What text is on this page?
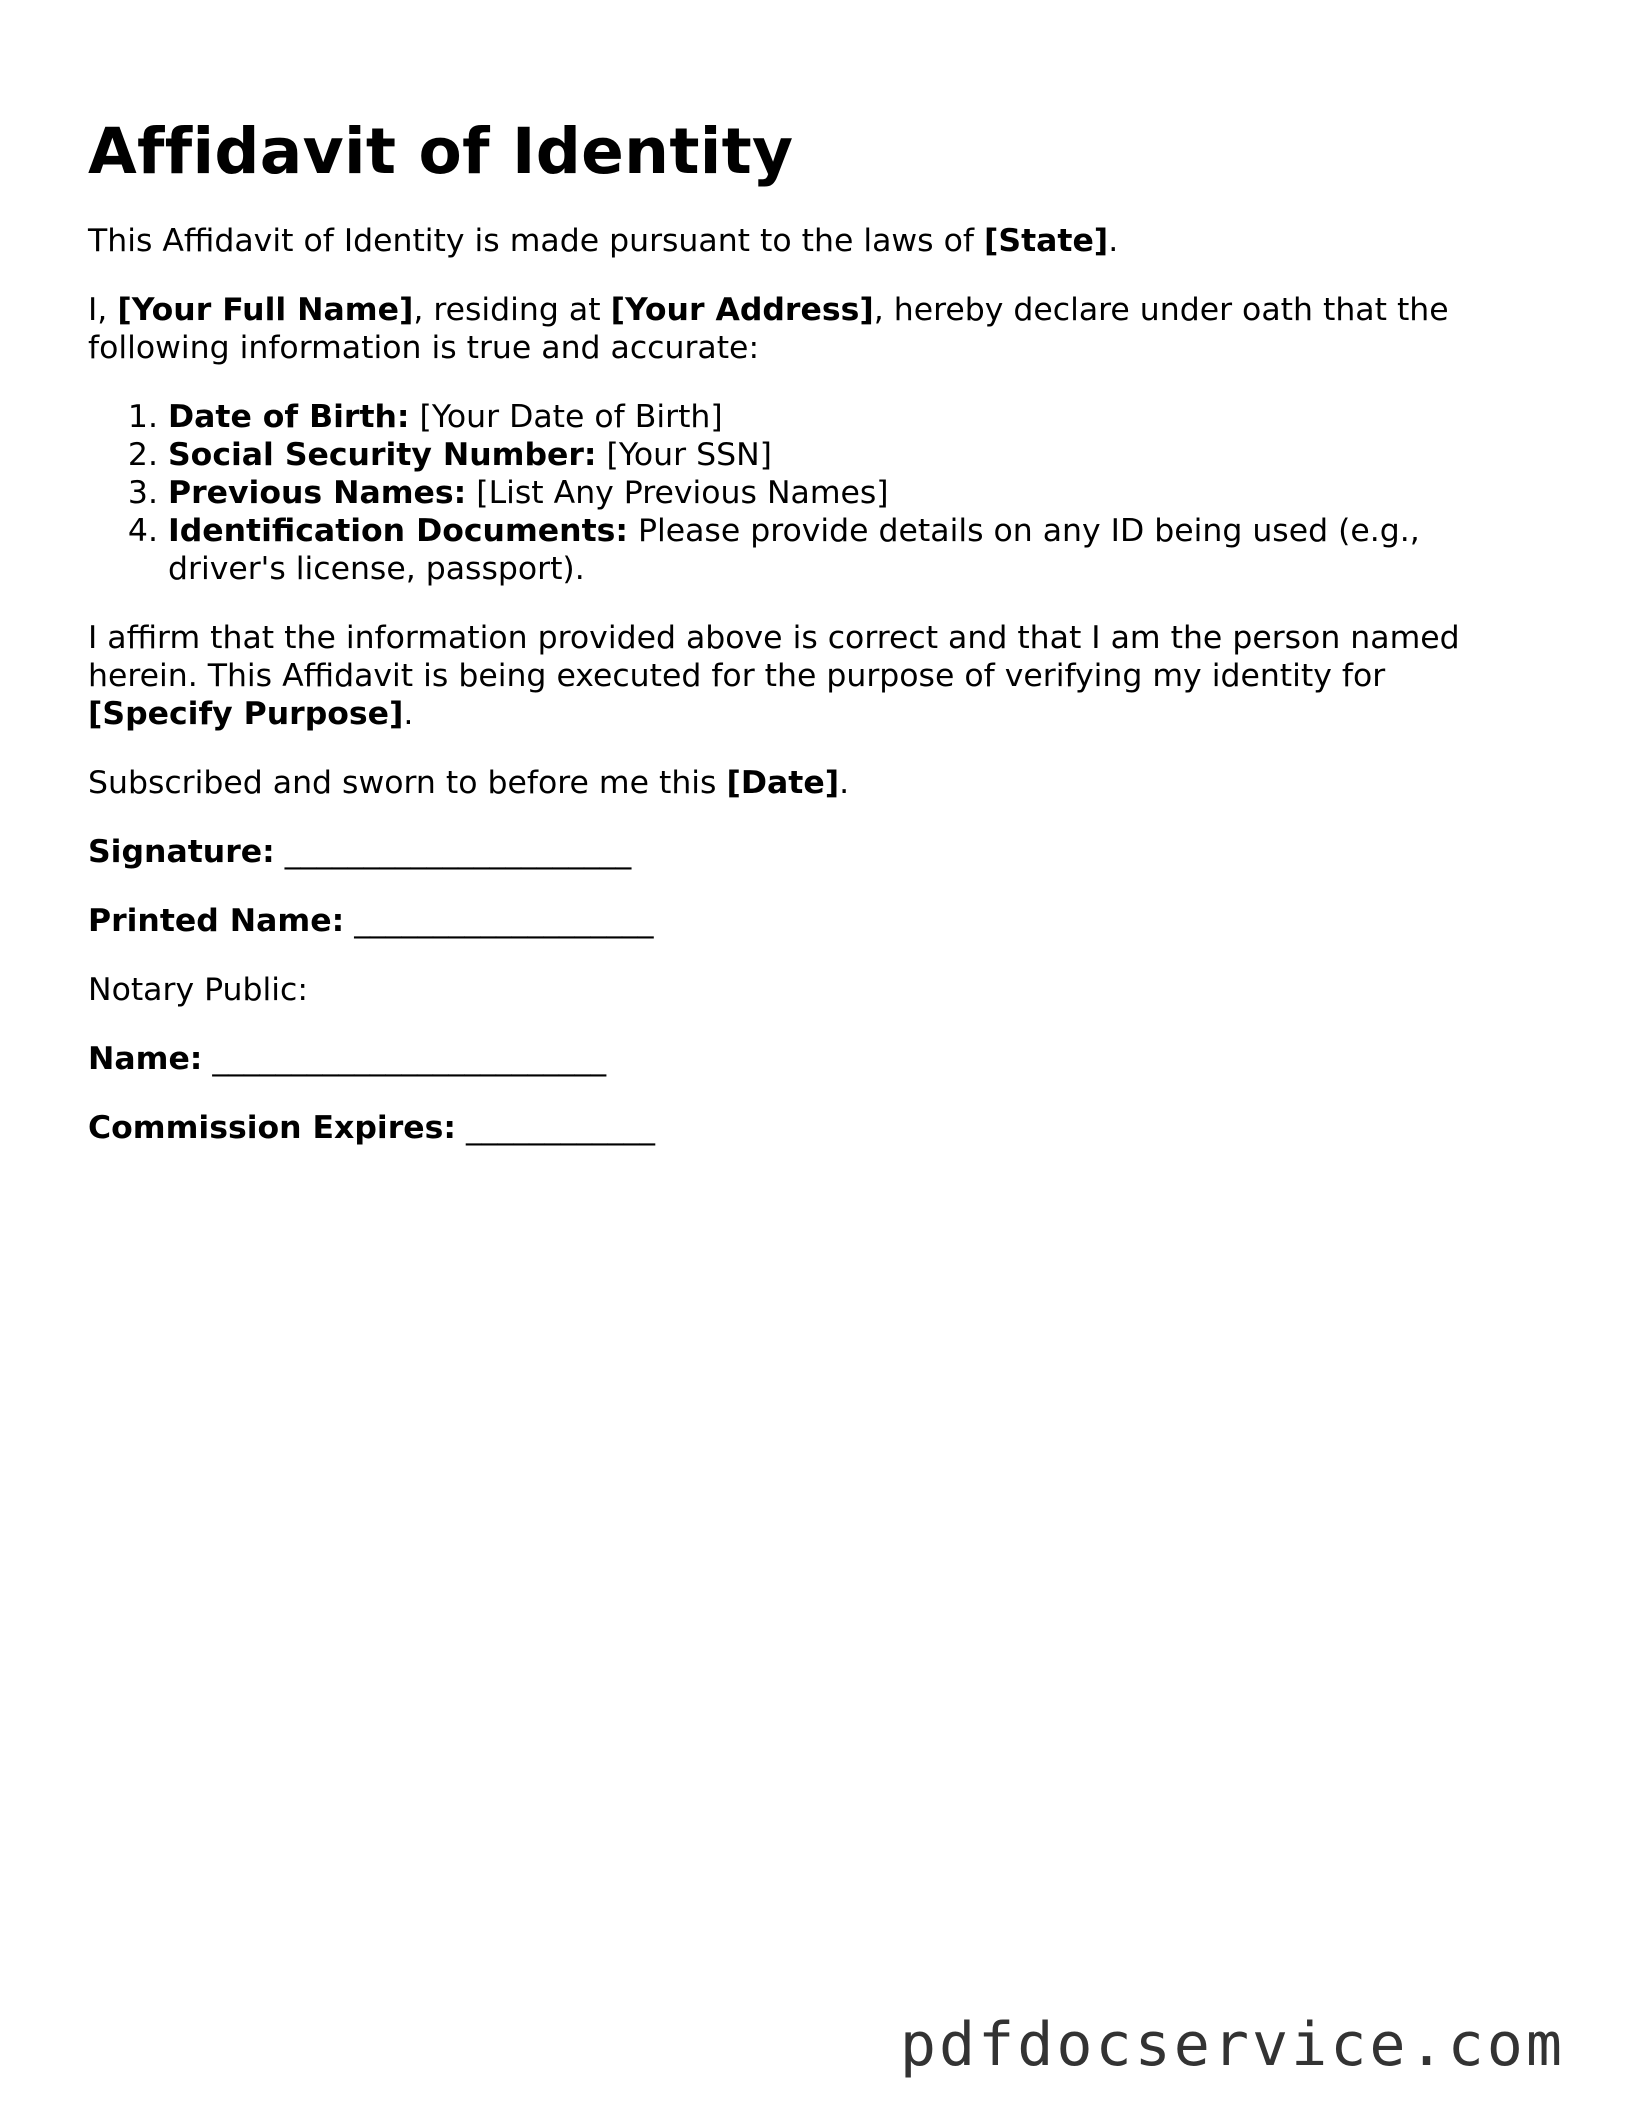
Affidavit of Identity

This Affidavit of Identity is made pursuant to the laws of [State].

I, [Your Full Name], residing at [Your Address], hereby declare under oath that the following information is true and accurate:

1. Date of Birth: [Your Date of Birth]
2. Social Security Number: [Your SSN]
3. Previous Names: [List Any Previous Names]
4. Identification Documents: Please provide details on any ID being used (e.g., driver's license, passport).

I affirm that the information provided above is correct and that I am the person named herein. This Affidavit is being executed for the purpose of verifying my identity for [Specify Purpose].

Subscribed and sworn to before me this [Date].

Signature: ______________________
Printed Name: ___________________

Notary Public:

Name: _________________________
Commission Expires: ____________
pdfdocservice.com
